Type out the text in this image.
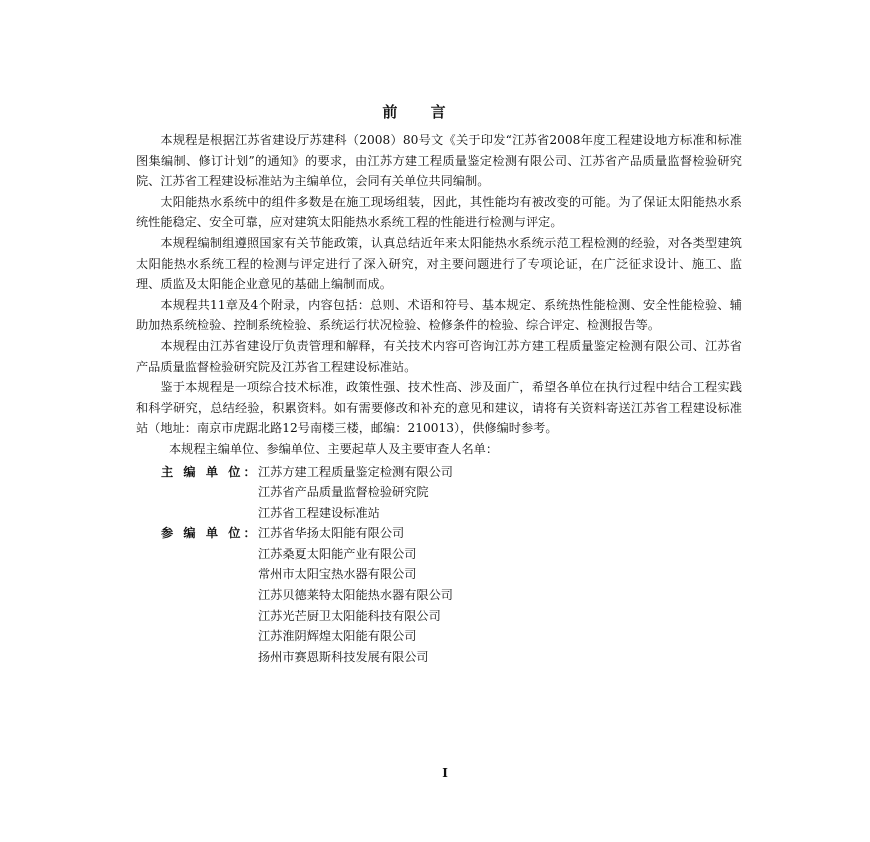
前 言

本规程是根据江苏省建设厅苏建科（2008）80号文《关于印发“江苏省2008年度工程建设地方标准和标准图集编制、修订计划”的通知》的要求，由江苏方建工程质量鉴定检测有限公司、江苏省产品质量监督检验研究院、江苏省工程建设标准站为主编单位，会同有关单位共同编制。

太阳能热水系统中的组件多数是在施工现场组装，因此，其性能均有被改变的可能。为了保证太阳能热水系统性能稳定、安全可靠，应对建筑太阳能热水系统工程的性能进行检测与评定。

本规程编制组遵照国家有关节能政策，认真总结近年来太阳能热水系统示范工程检测的经验，对各类型建筑太阳能热水系统工程的检测与评定进行了深入研究，对主要问题进行了专项论证，在广泛征求设计、施工、监理、质监及太阳能企业意见的基础上编制而成。

本规程共11章及4个附录，内容包括：总则、术语和符号、基本规定、系统热性能检测、安全性能检验、辅助加热系统检验、控制系统检验、系统运行状况检验、检修条件的检验、综合评定、检测报告等。

本规程由江苏省建设厅负责管理和解释，有关技术内容可咨询江苏方建工程质量鉴定检测有限公司、江苏省产品质量监督检验研究院及江苏省工程建设标准站。

鉴于本规程是一项综合技术标准，政策性强、技术性高、涉及面广，希望各单位在执行过程中结合工程实践和科学研究，总结经验，积累资料。如有需要修改和补充的意见和建议，请将有关资料寄送江苏省工程建设标准站（地址：南京市虎踞北路12号南楼三楼，邮编：210013），供修编时参考。

本规程主编单位、参编单位、主要起草人及主要审查人名单：

主 编 单 位： 江苏方建工程质量鉴定检测有限公司
江苏省产品质量监督检验研究院
江苏省工程建设标准站
参 编 单 位： 江苏省华扬太阳能有限公司
江苏桑夏太阳能产业有限公司
常州市太阳宝热水器有限公司
江苏贝德莱特太阳能热水器有限公司
江苏光芒厨卫太阳能科技有限公司
江苏淮阴辉煌太阳能有限公司
扬州市赛恩斯科技发展有限公司
I
